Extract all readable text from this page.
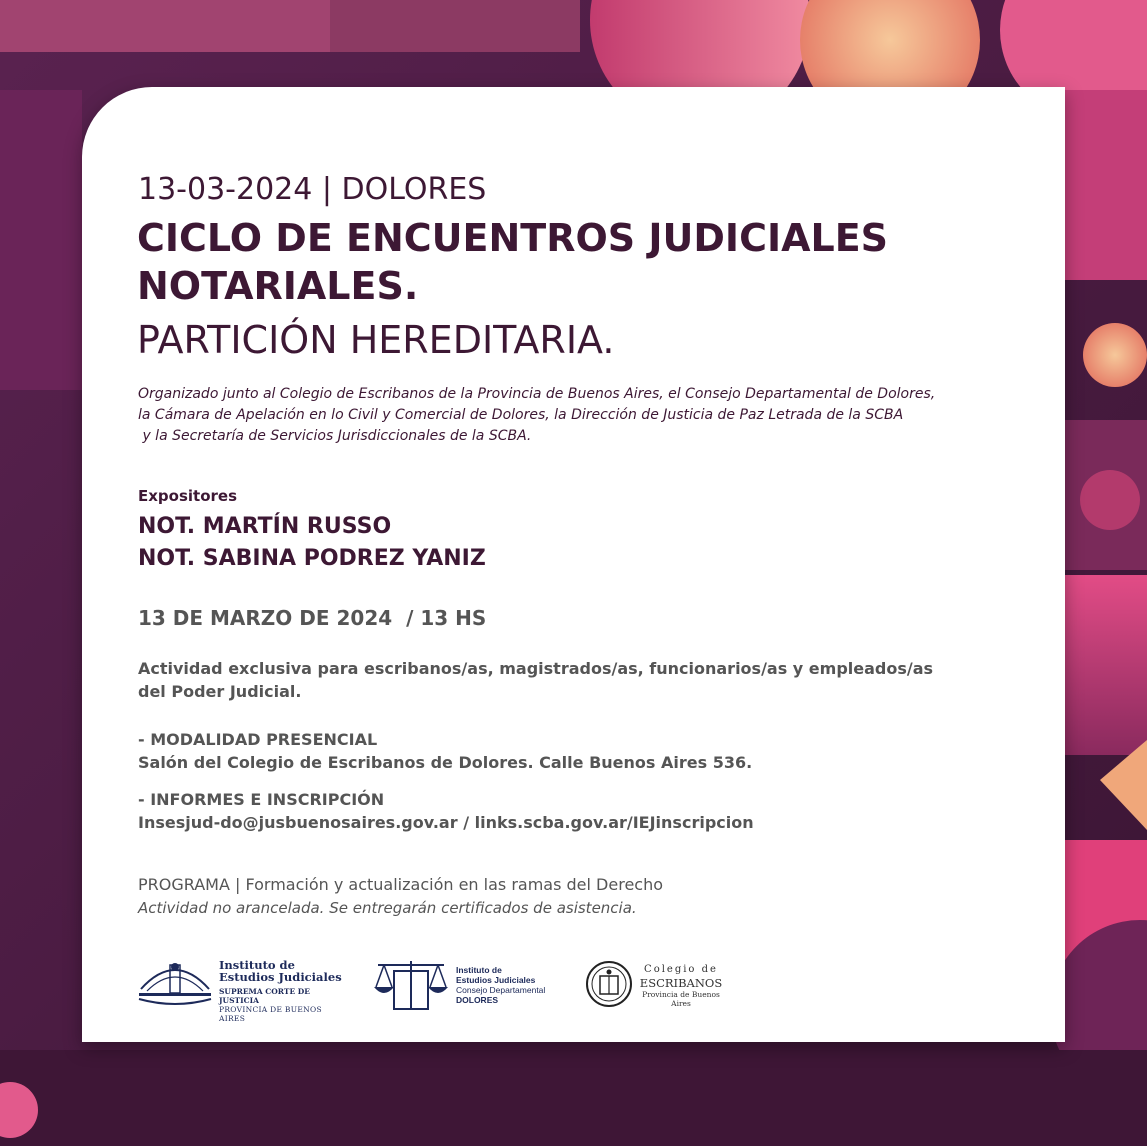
13-03-2024 | DOLORES
CICLO DE ENCUENTROS JUDICIALES
NOTARIALES.
PARTICIÓN HEREDITARIA.
Organizado junto al Colegio de Escribanos de la Provincia de Buenos Aires, el Consejo Departamental de Dolores,
la Cámara de Apelación en lo Civil y Comercial de Dolores, la Dirección de Justicia de Paz Letrada de la SCBA
y la Secretaría de Servicios Jurisdiccionales de la SCBA.
Expositores
NOT. MARTÍN RUSSO
NOT. SABINA PODREZ YANIZ
13 DE MARZO DE 2024  / 13 HS
Actividad exclusiva para escribanos/as, magistrados/as, funcionarios/as y empleados/as
del Poder Judicial.
- MODALIDAD PRESENCIAL
Salón del Colegio de Escribanos de Dolores. Calle Buenos Aires 536.
- INFORMES E INSCRIPCIÓN
Insesjud-do@jusbuenosaires.gov.ar / links.scba.gov.ar/IEJinscripcion
PROGRAMA | Formación y actualización en las ramas del Derecho
Actividad no arancelada. Se entregarán certificados de asistencia.
Instituto de
Estudios Judiciales
SUPREMA CORTE DE JUSTICIA
PROVINCIA DE BUENOS AIRES
Instituto de
Estudios Judiciales
Consejo Departamental
DOLORES
Colegio de
ESCRIBANOS
Provincia de Buenos Aires
